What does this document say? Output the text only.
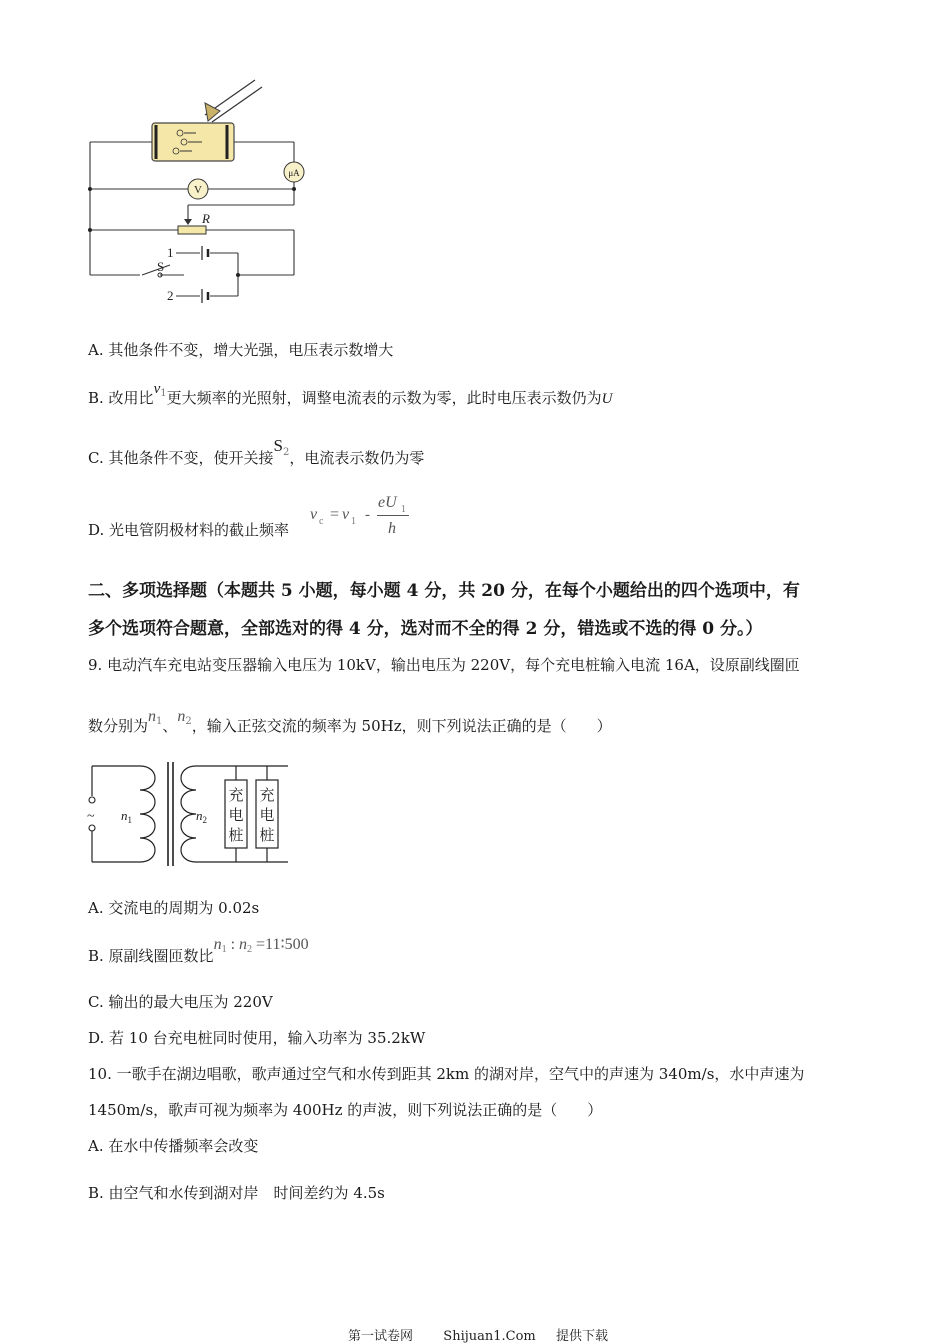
μA
V
R
1
2
S
A. 其他条件不变，增大光强，电压表示数增大
B. 改用比$\nu^1$更大频率的光照射，调整电流表的示数为零，此时电压表示数仍为U
C. 其他条件不变，使开关接$S^2$，电流表示数仍为零
D. 光电管阴极材料的截止频率
ν c = ν 1 -
eU 1
h
二、多项选择题（本题共 5 小题，每小题 4 分，共 20 分，在每个小题给出的四个选项中，有
多个选项符合题意，全部选对的得 4 分，选对而不全的得 2 分，错选或不选的得 0 分。）
9. 电动汽车充电站变压器输入电压为 10kV，输出电压为 220V，每个充电桩输入电流 16A，设原副线圈匝
数分别为$n^1$、$n^2$，输入正弦交流的频率为 50Hz，则下列说法正确的是（　　）
~ $n_1$	$n_2$
充
电
桩
充
电
桩
A. 交流电的周期为 0.02s
B. 原副线圈匝数比n1 : n2 =11∶500
C. 输出的最大电压为 220V
D. 若 10 台充电桩同时使用，输入功率为 35.2kW
10. 一歌手在湖边唱歌，歌声通过空气和水传到距其 2km 的湖对岸，空气中的声速为 340m/s，水中声速为
1450m/s，歌声可视为频率为 400Hz 的声波，则下列说法正确的是（　　）
A. 在水中传播频率会改变
B. 由空气和水传到湖对岸　时间差约为 4.5s
第一试卷网 Shijuan1.Com 提供下载
